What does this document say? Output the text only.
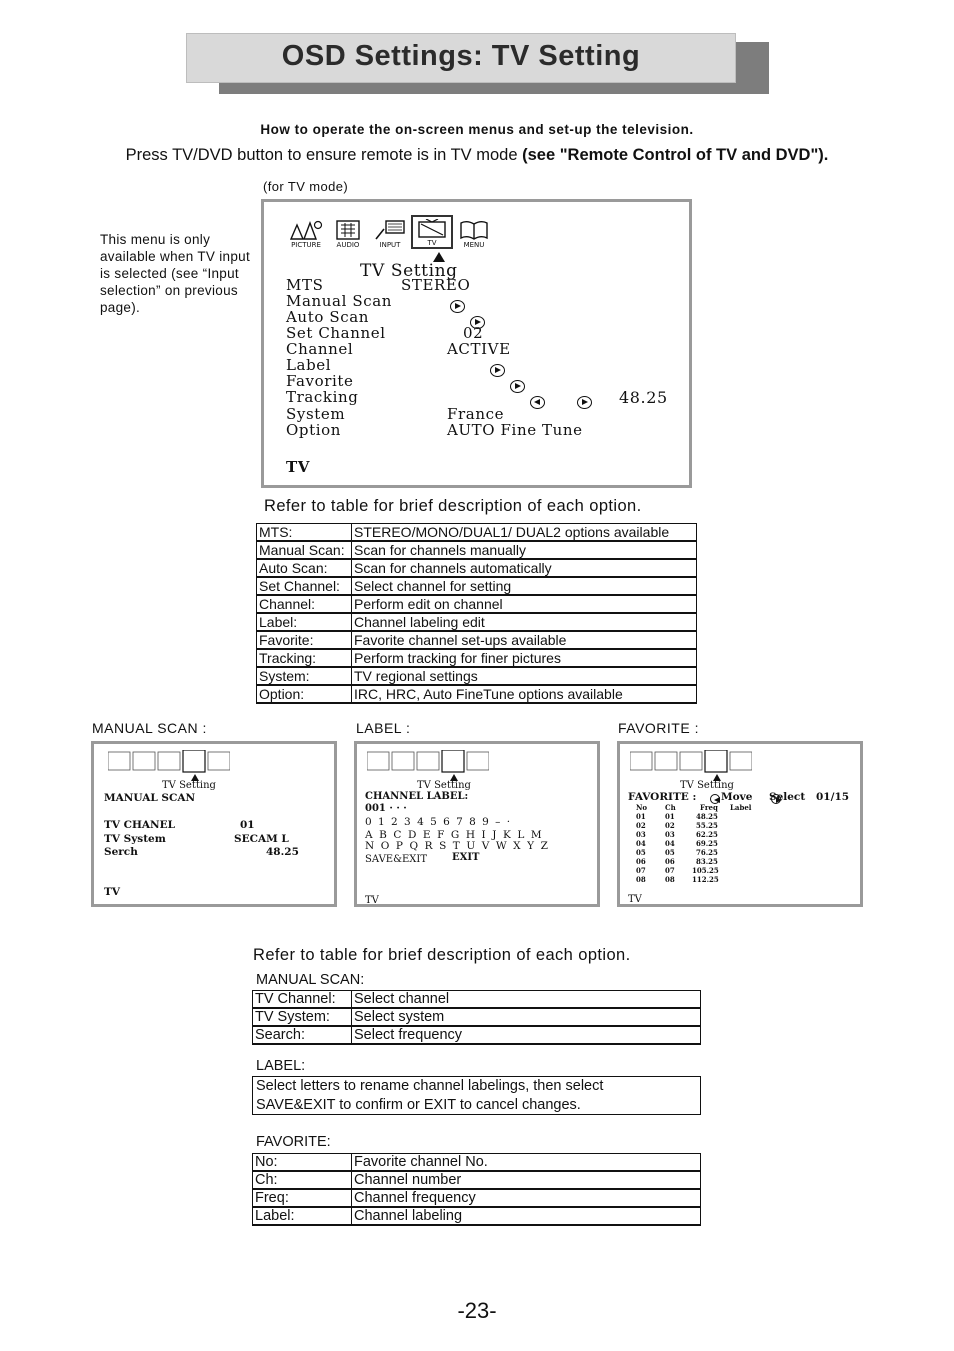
OSD Settings: TV Setting
How to operate the on-screen menus and set-up the television.
Press TV/DVD button to ensure remote is in TV mode (see "Remote Control of TV and DVD").
(for TV mode)
This menu is only available when TV input is selected (see “Input selection” on previous page).
PICTURE AUDIO	INPUT	TV	MENU
TV Setting
MTS	STEREO
Manual Scan

Auto Scan

Set Channel	02
Channel	ACTIVE
Label

Favorite

Tracking
	48.25
System	France
Option	AUTO Fine Tune
TV
Refer to table for brief description of each option.
MTS:	STEREO/MONO/DUAL1/ DUAL2 options available
Manual Scan:	Scan for channels manually
Auto Scan:	Scan for channels automatically
Set Channel:	Select channel for setting
Channel:	Perform edit on channel
Label:	Channel labeling edit
Favorite:	Favorite channel set-ups available
Tracking:	Perform tracking for finer pictures
System:	TV regional settings
Option:	IRC, HRC, Auto FineTune options available
MANUAL SCAN :	LABEL :	FAVORITE :
TV Setting
MANUAL SCAN
TV CHANEL	01
TV System	SECAM L
Serch	48.25
TV
TV Setting
CHANNEL LABEL:
001 · · ·
0 1 2 3 4 5 6 7 8 9 – ·
A B C D E F G H I J K L M
N O P Q R S T U V W X Y Z
SAVE&EXIT EXIT
TV
TV Setting
FAVORITE :
Move Select 01/15
No	Ch	Freq Label
01	01	48.25
02	02	55.25
03	03	62.25
04	04	69.25
05	05	76.25
06	06	83.25
07	07 105.25
08	08 112.25
TV
Refer to table for brief description of each option.
MANUAL SCAN:
TV Channel:	Select channel
TV System:	Select system
Search:	Select frequency
LABEL:
Select letters to rename channel labelings, then select
SAVE&EXIT to confirm or EXIT to cancel changes.
FAVORITE:
No:	Favorite channel No.
Ch:	Channel number
Freq:	Channel frequency
Label:	Channel labeling
-23-
